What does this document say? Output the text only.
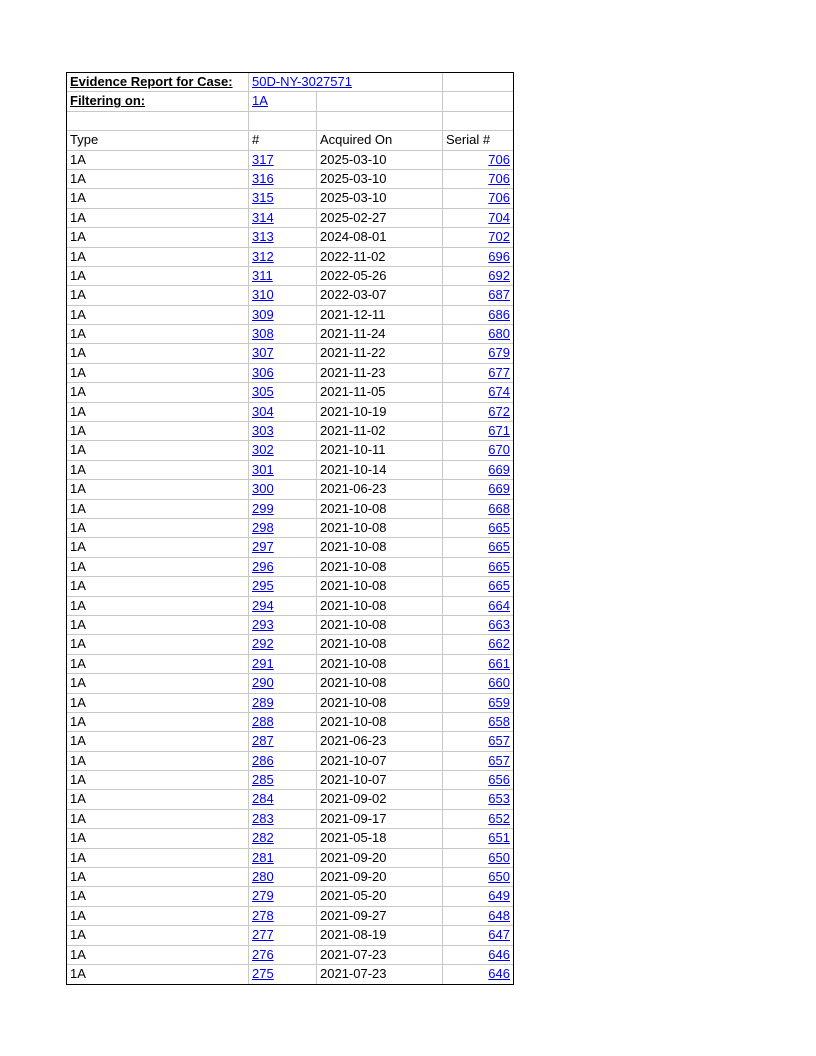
Evidence Report for Case:	50D-NY-3027571
Filtering on:	1A
Type	#	Acquired On	Serial #
1A	317	2025-03-10	706
1A	316	2025-03-10	706
1A	315	2025-03-10	706
1A	314	2025-02-27	704
1A	313	2024-08-01	702
1A	312	2022-11-02	696
1A	311	2022-05-26	692
1A	310	2022-03-07	687
1A	309	2021-12-11	686
1A	308	2021-11-24	680
1A	307	2021-11-22	679
1A	306	2021-11-23	677
1A	305	2021-11-05	674
1A	304	2021-10-19	672
1A	303	2021-11-02	671
1A	302	2021-10-11	670
1A	301	2021-10-14	669
1A	300	2021-06-23	669
1A	299	2021-10-08	668
1A	298	2021-10-08	665
1A	297	2021-10-08	665
1A	296	2021-10-08	665
1A	295	2021-10-08	665
1A	294	2021-10-08	664
1A	293	2021-10-08	663
1A	292	2021-10-08	662
1A	291	2021-10-08	661
1A	290	2021-10-08	660
1A	289	2021-10-08	659
1A	288	2021-10-08	658
1A	287	2021-06-23	657
1A	286	2021-10-07	657
1A	285	2021-10-07	656
1A	284	2021-09-02	653
1A	283	2021-09-17	652
1A	282	2021-05-18	651
1A	281	2021-09-20	650
1A	280	2021-09-20	650
1A	279	2021-05-20	649
1A	278	2021-09-27	648
1A	277	2021-08-19	647
1A	276	2021-07-23	646
1A	275	2021-07-23	646
